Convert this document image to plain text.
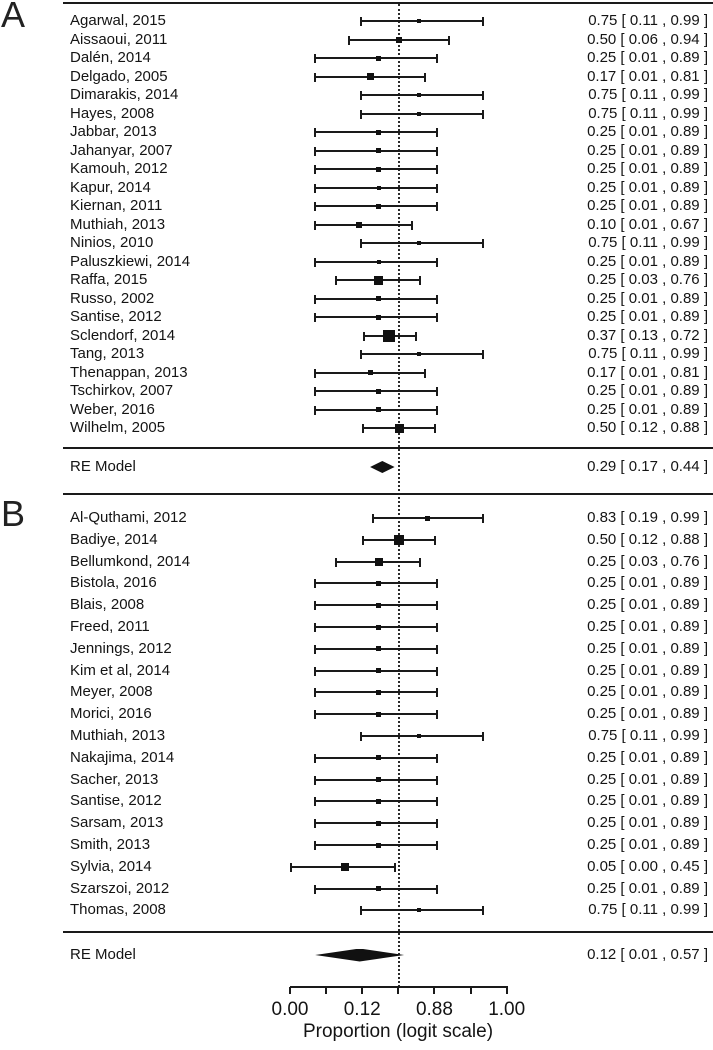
A
B
Proportion (logit scale)
Agarwal, 2015	0.75 [ 0.11 , 0.99 ]
Aissaoui, 2011	0.50 [ 0.06 , 0.94 ]
Dalén, 2014	0.25 [ 0.01 , 0.89 ]
Delgado, 2005	0.17 [ 0.01 , 0.81 ]
Dimarakis, 2014	0.75 [ 0.11 , 0.99 ]
Hayes, 2008	0.75 [ 0.11 , 0.99 ]
Jabbar, 2013	0.25 [ 0.01 , 0.89 ]
Jahanyar, 2007	0.25 [ 0.01 , 0.89 ]
Kamouh, 2012	0.25 [ 0.01 , 0.89 ]
Kapur, 2014	0.25 [ 0.01 , 0.89 ]
Kiernan, 2011	0.25 [ 0.01 , 0.89 ]
Muthiah, 2013	0.10 [ 0.01 , 0.67 ]
Ninios, 2010	0.75 [ 0.11 , 0.99 ]
Paluszkiewi, 2014	0.25 [ 0.01 , 0.89 ]
Raffa, 2015	0.25 [ 0.03 , 0.76 ]
Russo, 2002	0.25 [ 0.01 , 0.89 ]
Santise, 2012	0.25 [ 0.01 , 0.89 ]
Sclendorf, 2014	0.37 [ 0.13 , 0.72 ]
Tang, 2013	0.75 [ 0.11 , 0.99 ]
Thenappan, 2013	0.17 [ 0.01 , 0.81 ]
Tschirkov, 2007	0.25 [ 0.01 , 0.89 ]
Weber, 2016	0.25 [ 0.01 , 0.89 ]
Wilhelm, 2005	0.50 [ 0.12 , 0.88 ]
RE Model	0.29 [ 0.17 , 0.44 ]
Al-Quthami, 2012	0.83 [ 0.19 , 0.99 ]
Badiye, 2014	0.50 [ 0.12 , 0.88 ]
Bellumkond, 2014	0.25 [ 0.03 , 0.76 ]
Bistola, 2016	0.25 [ 0.01 , 0.89 ]
Blais, 2008	0.25 [ 0.01 , 0.89 ]
Freed, 2011	0.25 [ 0.01 , 0.89 ]
Jennings, 2012	0.25 [ 0.01 , 0.89 ]
Kim et al, 2014	0.25 [ 0.01 , 0.89 ]
Meyer, 2008	0.25 [ 0.01 , 0.89 ]
Morici, 2016	0.25 [ 0.01 , 0.89 ]
Muthiah, 2013	0.75 [ 0.11 , 0.99 ]
Nakajima, 2014	0.25 [ 0.01 , 0.89 ]
Sacher, 2013	0.25 [ 0.01 , 0.89 ]
Santise, 2012	0.25 [ 0.01 , 0.89 ]
Sarsam, 2013	0.25 [ 0.01 , 0.89 ]
Smith, 2013	0.25 [ 0.01 , 0.89 ]
Sylvia, 2014	0.05 [ 0.00 , 0.45 ]
Szarszoi, 2012	0.25 [ 0.01 , 0.89 ]
Thomas, 2008	0.75 [ 0.11 , 0.99 ]
RE Model	0.12 [ 0.01 , 0.57 ]
0.00 0.12 0.88 1.00
